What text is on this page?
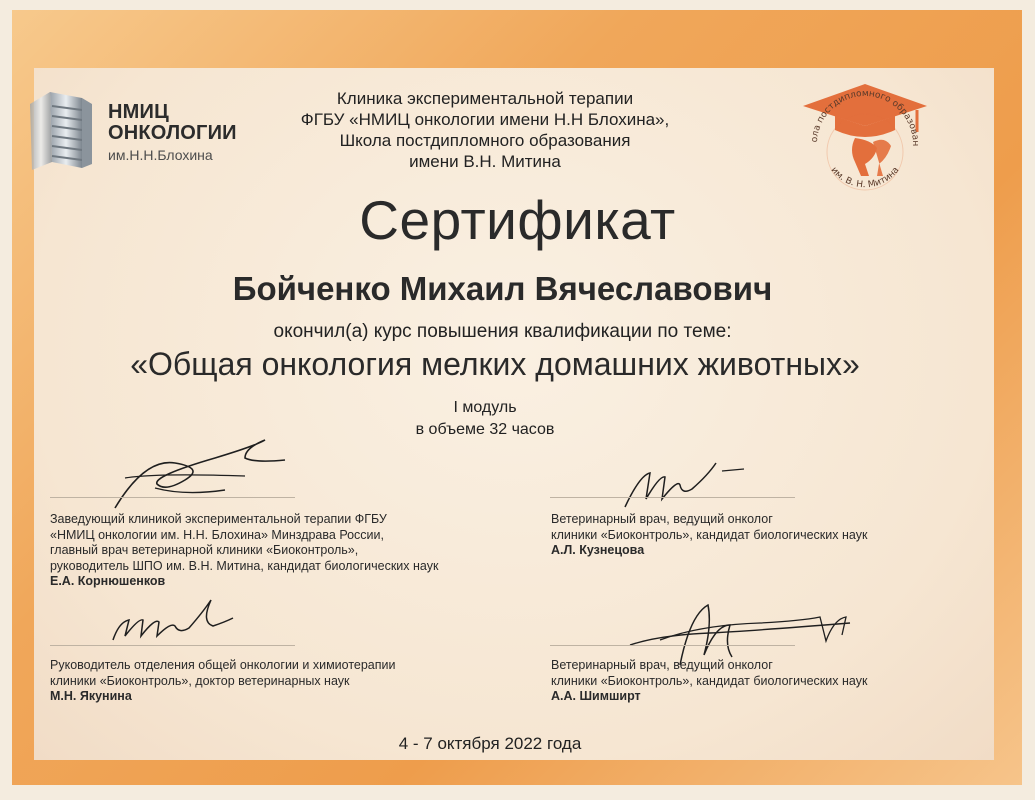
НМИЦ
ОНКОЛОГИИ
им.Н.Н.Блохина
Клиника экспериментальной терапии
ФГБУ «НМИЦ онкологии имени Н.Н Блохина»,
Школа постдипломного образования
имени В.Н. Митина
ола постдипломного образован
им. В. Н. Митина
Сертификат
Бойченко Михаил Вячеславович
окончил(а) курс повышения квалификации по теме:
«Общая онкология мелких домашних животных»
I модуль
в объеме 32 часов
Заведующий клиникой экспериментальной терапии ФГБУ
«НМИЦ онкологии им. Н.Н. Блохина» Минздрава России,
главный врач ветеринарной клиники «Биоконтроль»,
руководитель ШПО им. В.Н. Митина, кандидат биологических наук
Е.А. Корнюшенков
Ветеринарный врач, ведущий онколог
клиники «Биоконтроль», кандидат биологических наук
А.Л. Кузнецова
Руководитель отделения общей онкологии и химиотерапии
клиники «Биоконтроль», доктор ветеринарных наук
М.Н. Якунина
Ветеринарный врач, ведущий онколог
клиники «Биоконтроль», кандидат биологических наук
А.А. Шимширт
4 - 7 октября 2022 года
